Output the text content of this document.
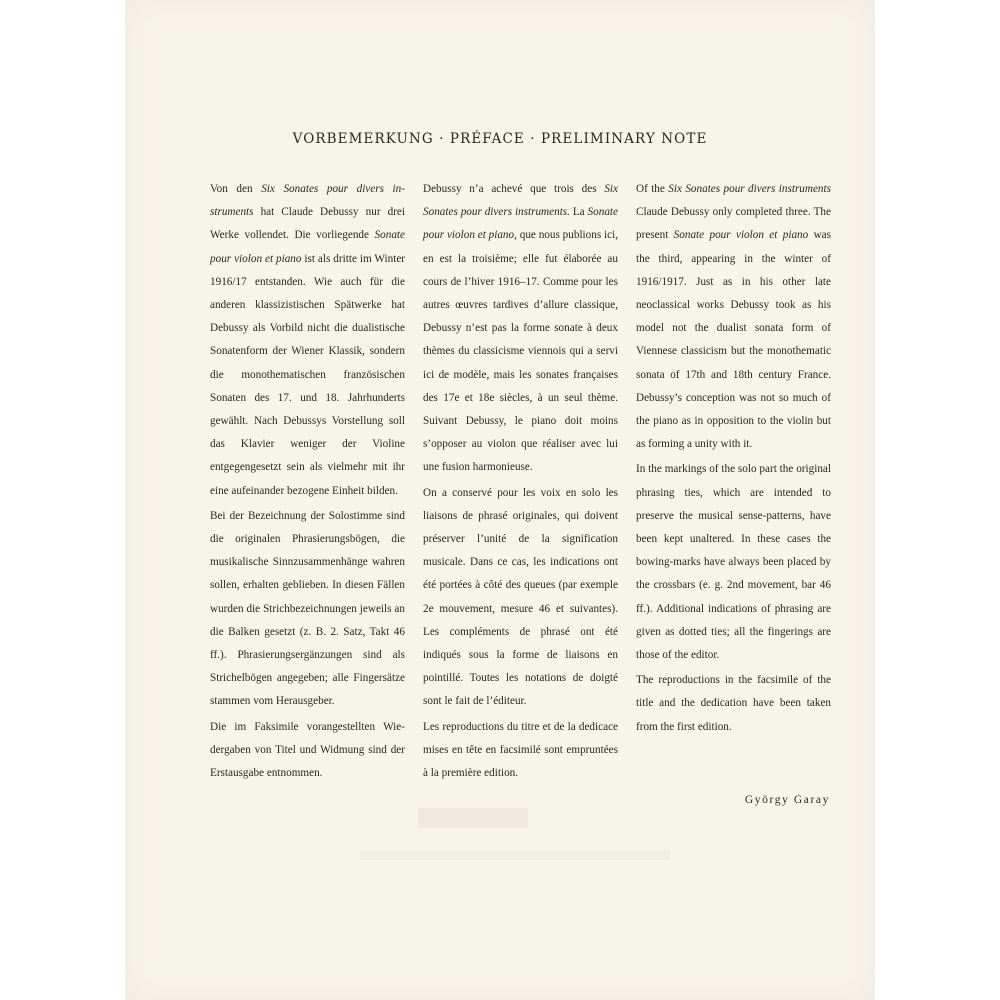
VORBEMERKUNG · PRÉFACE · PRELIMINARY NOTE

Von den Six Sonates pour divers instruments hat Claude Debussy nur drei Werke vollendet. Die vorliegende Sonate pour violon et piano ist als dritte im Winter 1916/17 entstanden. Wie auch für die anderen klassizistischen Spätwerke hat Debussy als Vorbild nicht die dualistische Sonatenform der Wiener Klassik, sondern die monothematischen französischen Sonaten des 17. und 18. Jahrhunderts gewählt. Nach Debussys Vorstellung soll das Klavier weniger der Violine entgegengesetzt sein als vielmehr mit ihr eine aufeinander bezogene Einheit bilden.

Bei der Bezeichnung der Solostimme sind die originalen Phrasierungsbögen, die musikalische Sinnzusammenhänge wahren sollen, erhalten geblieben. In diesen Fällen wurden die Strichbezeichnungen jeweils an die Balken gesetzt (z. B. 2. Satz, Takt 46 ff.). Phrasierungsergänzungen sind als Strichelbögen angegeben; alle Fingersätze stammen vom Herausgeber.

Die im Faksimile vorangestellten Wiedergaben von Titel und Widmung sind der Erstausgabe entnommen.

Debussy n’a achevé que trois des Six Sonates pour divers instruments. La Sonate pour violon et piano, que nous publions ici, en est la troisième; elle fut élaborée au cours de l’hiver 1916–17. Comme pour les autres œuvres tardives d’allure classique, Debussy n’est pas la forme sonate à deux thèmes du classicisme viennois qui a servi ici de modèle, mais les sonates françaises des 17e et 18e siècles, à un seul thème. Suivant Debussy, le piano doit moins s’opposer au violon que réaliser avec lui une fusion harmonieuse.

On a conservé pour les voix en solo les liaisons de phrasé originales, qui doivent préserver l’unité de la signification musicale. Dans ce cas, les indications ont été portées à côté des queues (par exemple 2e mouvement, mesure 46 et suivantes). Les compléments de phrasé ont été indiqués sous la forme de liaisons en pointillé. Toutes les notations de doigté sont le fait de l’éditeur.

Les reproductions du titre et de la dedicace mises en tête en facsimilé sont empruntées à la première edition.

Of the Six Sonates pour divers instruments Claude Debussy only completed three. The present Sonate pour violon et piano was the third, appearing in the winter of 1916/1917. Just as in his other late neoclassical works Debussy took as his model not the dualist sonata form of Viennese classicism but the monothematic sonata of 17th and 18th century France. Debussy’s conception was not so much of the piano as in opposition to the violin but as forming a unity with it.

In the markings of the solo part the original phrasing ties, which are intended to preserve the musical sense-patterns, have been kept unaltered. In these cases the bowing-marks have always been placed by the crossbars (e. g. 2nd movement, bar 46 ff.). Additional indications of phrasing are given as dotted ties; all the fingerings are those of the editor.

The reproductions in the facsimile of the title and the dedication have been taken from the first edition.

György Garay
